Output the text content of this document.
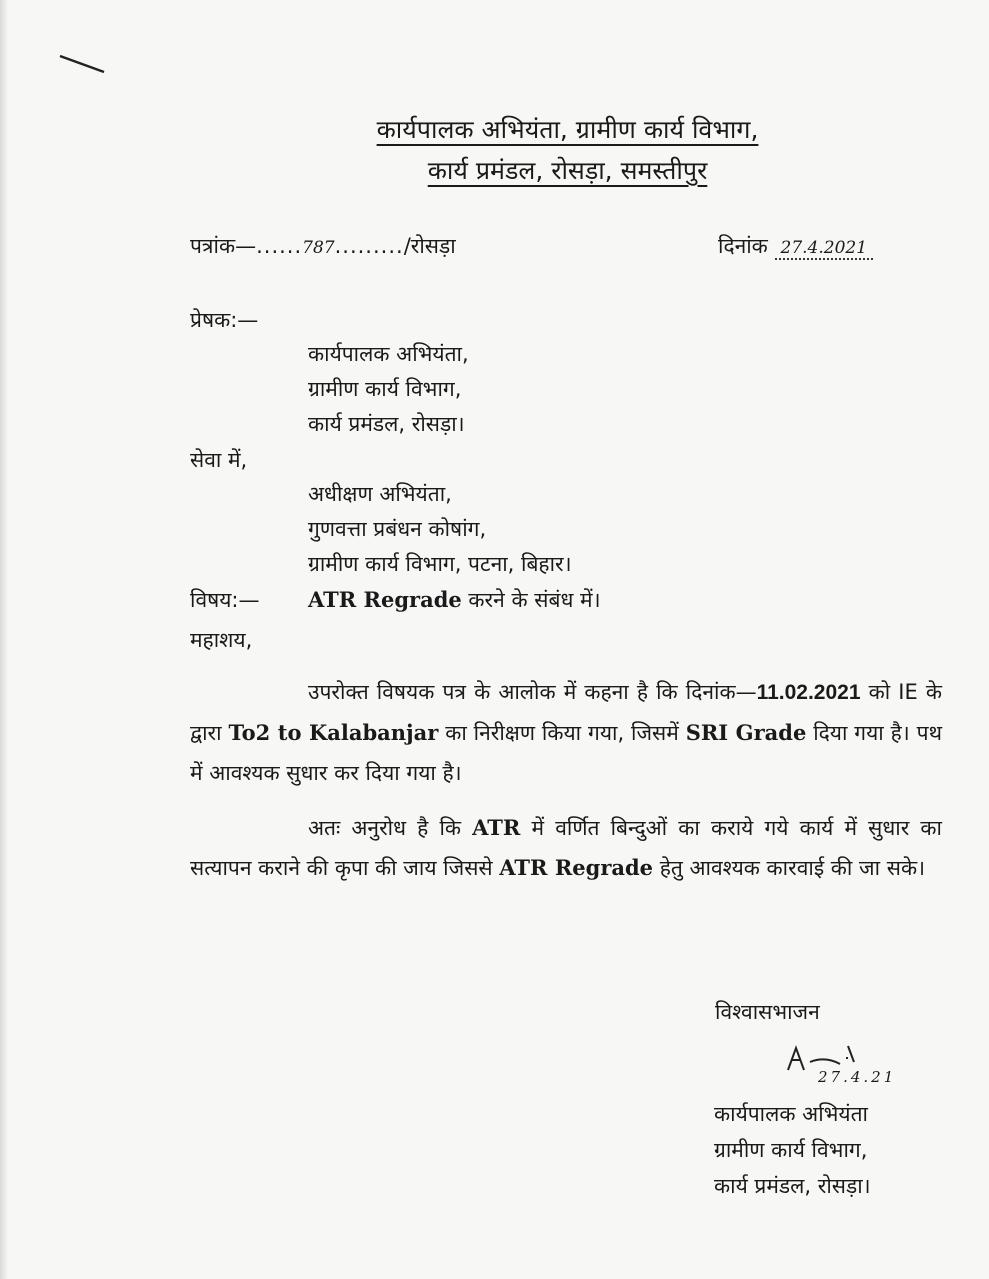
कार्यपालक अभियंता, ग्रामीण कार्य विभाग,
कार्य प्रमंडल, रोसड़ा, समस्तीपुर
पत्रांक—......787........./रोसड़ा	दिनांक 27.4.2021
प्रेषक:—
कार्यपालक अभियंता,
ग्रामीण कार्य विभाग,
कार्य प्रमंडल, रोसड़ा।
सेवा में,
अधीक्षण अभियंता,
गुणवत्ता प्रबंधन कोषांग,
ग्रामीण कार्य विभाग, पटना, बिहार।
विषय:— ATR Regrade करने के संबंध में।
महाशय,
उपरोक्त विषयक पत्र के आलोक में कहना है कि दिनांक—11.02.2021 को IE के द्वारा To2 to Kalabanjar का निरीक्षण किया गया, जिसमें SRI Grade दिया गया है। पथ में आवश्यक सुधार कर दिया गया है।
अतः अनुरोध है कि ATR में वर्णित बिन्दुओं का कराये गये कार्य में सुधार का सत्यापन कराने की कृपा की जाय जिससे ATR Regrade हेतु आवश्यक कारवाई की जा सके।
विश्वासभाजन
27.4.21
कार्यपालक अभियंता
ग्रामीण कार्य विभाग,
कार्य प्रमंडल, रोसड़ा।
